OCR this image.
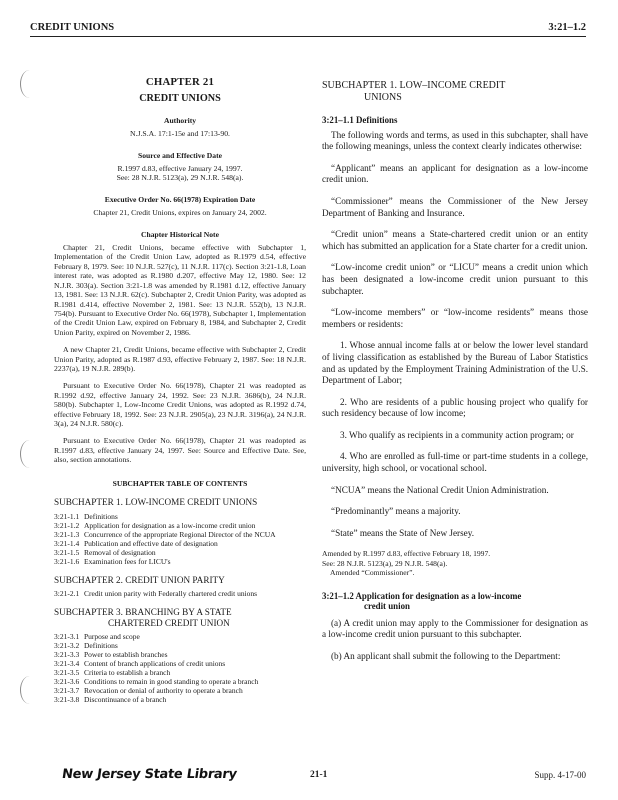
CREDIT UNIONS	3:21–1.2

CHAPTER 21

CREDIT UNIONS

Authority

N.J.S.A. 17:1-15e and 17:13-90.

Source and Effective Date

R.1997 d.83, effective January 24, 1997.

See: 28 N.J.R. 5123(a), 29 N.J.R. 548(a).

Executive Order No. 66(1978) Expiration Date

Chapter 21, Credit Unions, expires on January 24, 2002.

Chapter Historical Note

Chapter 21, Credit Unions, became effective with Subchapter 1, Implementation of the Credit Union Law, adopted as R.1979 d.54, effective February 8, 1979. See: 10 N.J.R. 527(c), 11 N.J.R. 117(c). Section 3:21-1.8, Loan interest rate, was adopted as R.1980 d.207, effective May 12, 1980. See: 12 N.J.R. 303(a). Section 3:21-1.8 was amended by R.1981 d.12, effective January 13, 1981. See: 13 N.J.R. 62(c). Subchapter 2, Credit Union Parity, was adopted as R.1981 d.414, effective November 2, 1981. See: 13 N.J.R. 552(b), 13 N.J.R. 754(b). Pursuant to Executive Order No. 66(1978), Subchapter 1, Implementation of the Credit Union Law, expired on February 8, 1984, and Subchapter 2, Credit Union Parity, expired on November 2, 1986.

A new Chapter 21, Credit Unions, became effective with Subchapter 2, Credit Union Parity, adopted as R.1987 d.93, effective February 2, 1987. See: 18 N.J.R. 2237(a), 19 N.J.R. 289(b).

Pursuant to Executive Order No. 66(1978), Chapter 21 was readopted as R.1992 d.92, effective January 24, 1992. See: 23 N.J.R. 3686(b), 24 N.J.R. 580(b). Subchapter 1, Low-Income Credit Unions, was adopted as R.1992 d.74, effective February 18, 1992. See: 23 N.J.R. 2905(a), 23 N.J.R. 3196(a), 24 N.J.R. 3(a), 24 N.J.R. 580(c).

Pursuant to Executive Order No. 66(1978), Chapter 21 was readopted as R.1997 d.83, effective January 24, 1997. See: Source and Effective Date. See, also, section annotations.

SUBCHAPTER TABLE OF CONTENTS

SUBCHAPTER 1. LOW-INCOME CREDIT UNIONS

3:21-1.1 Definitions
3:21-1.2 Application for designation as a low-income credit union
3:21-1.3 Concurrence of the appropriate Regional Director of the NCUA
3:21-1.4 Publication and effective date of designation
3:21-1.5 Removal of designation
3:21-1.6 Examination fees for LICU's

SUBCHAPTER 2. CREDIT UNION PARITY

3:21-2.1 Credit union parity with Federally chartered credit unions

SUBCHAPTER 3. BRANCHING BY A STATE
CHARTERED CREDIT UNION

3:21-3.1 Purpose and scope
3:21-3.2 Definitions
3:21-3.3 Power to establish branches
3:21-3.4 Content of branch applications of credit unions
3:21-3.5 Criteria to establish a branch
3:21-3.6 Conditions to remain in good standing to operate a branch
3:21-3.7 Revocation or denial of authority to operate a branch
3:21-3.8 Discontinuance of a branch

SUBCHAPTER 1. LOW–INCOME CREDIT
UNIONS

3:21–1.1 Definitions

The following words and terms, as used in this subchapter, shall have the following meanings, unless the context clearly indicates otherwise:

“Applicant” means an applicant for designation as a low-income credit union.

“Commissioner” means the Commissioner of the New Jersey Department of Banking and Insurance.

“Credit union” means a State-chartered credit union or an entity which has submitted an application for a State charter for a credit union.

“Low-income credit union” or “LICU” means a credit union which has been designated a low-income credit union pursuant to this subchapter.

“Low-income members” or “low-income residents” means those members or residents:

1. Whose annual income falls at or below the lower level standard of living classification as established by the Bureau of Labor Statistics and as updated by the Employment Training Administration of the U.S. Department of Labor;

2. Who are residents of a public housing project who qualify for such residency because of low income;

3. Who qualify as recipients in a community action program; or

4. Who are enrolled as full-time or part-time students in a college, university, high school, or vocational school.

“NCUA” means the National Credit Union Administration.

“Predominantly” means a majority.

“State” means the State of New Jersey.

Amended by R.1997 d.83, effective February 18, 1997.

See: 28 N.J.R. 5123(a), 29 N.J.R. 548(a).

Amended “Commissioner”.

3:21–1.2 Application for designation as a low-income
credit union

(a) A credit union may apply to the Commissioner for designation as a low-income credit union pursuant to this subchapter.

(b) An applicant shall submit the following to the Department:

New Jersey State Library	21-1	Supp. 4-17-00
